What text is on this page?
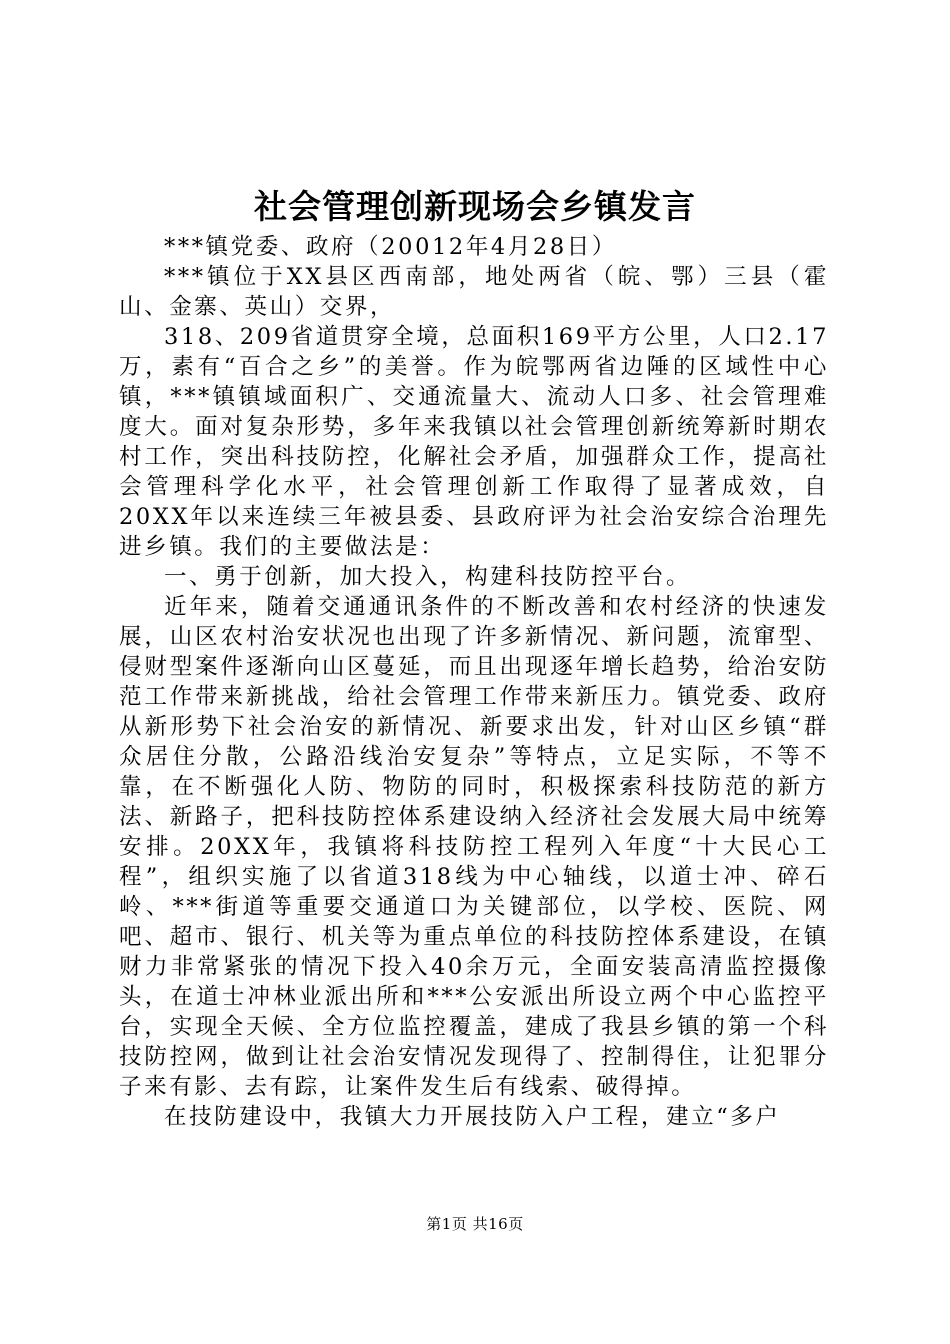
社会管理创新现场会乡镇发言

***镇党委、政府（20012年4月28日）

***镇位于XX县区西南部，地处两省（皖、鄂）三县（霍山、金寨、英山）交界，

318、209省道贯穿全境，总面积169平方公里，人口2.17万，素有“百合之乡”的美誉。作为皖鄂两省边陲的区域性中心镇，***镇镇域面积广、交通流量大、流动人口多、社会管理难度大。面对复杂形势，多年来我镇以社会管理创新统筹新时期农村工作，突出科技防控，化解社会矛盾，加强群众工作，提高社会管理科学化水平，社会管理创新工作取得了显著成效，自20XX年以来连续三年被县委、县政府评为社会治安综合治理先进乡镇。我们的主要做法是：

一、勇于创新，加大投入，构建科技防控平台。

近年来，随着交通通讯条件的不断改善和农村经济的快速发展，山区农村治安状况也出现了许多新情况、新问题，流窜型、侵财型案件逐渐向山区蔓延，而且出现逐年增长趋势，给治安防范工作带来新挑战，给社会管理工作带来新压力。镇党委、政府从新形势下社会治安的新情况、新要求出发，针对山区乡镇“群众居住分散，公路沿线治安复杂”等特点，立足实际，不等不靠，在不断强化人防、物防的同时，积极探索科技防范的新方法、新路子，把科技防控体系建设纳入经济社会发展大局中统筹安排。20XX年，我镇将科技防控工程列入年度“十大民心工程”，组织实施了以省道318线为中心轴线，以道士冲、碎石岭、***街道等重要交通道口为关键部位，以学校、医院、网吧、超市、银行、机关等为重点单位的科技防控体系建设，在镇财力非常紧张的情况下投入40余万元，全面安装高清监控摄像头，在道士冲林业派出所和***公安派出所设立两个中心监控平台，实现全天候、全方位监控覆盖，建成了我县乡镇的第一个科技防控网，做到让社会治安情况发现得了、控制得住，让犯罪分子来有影、去有踪，让案件发生后有线索、破得掉。

在技防建设中，我镇大力开展技防入户工程，建立“多户

第1页 共16页
